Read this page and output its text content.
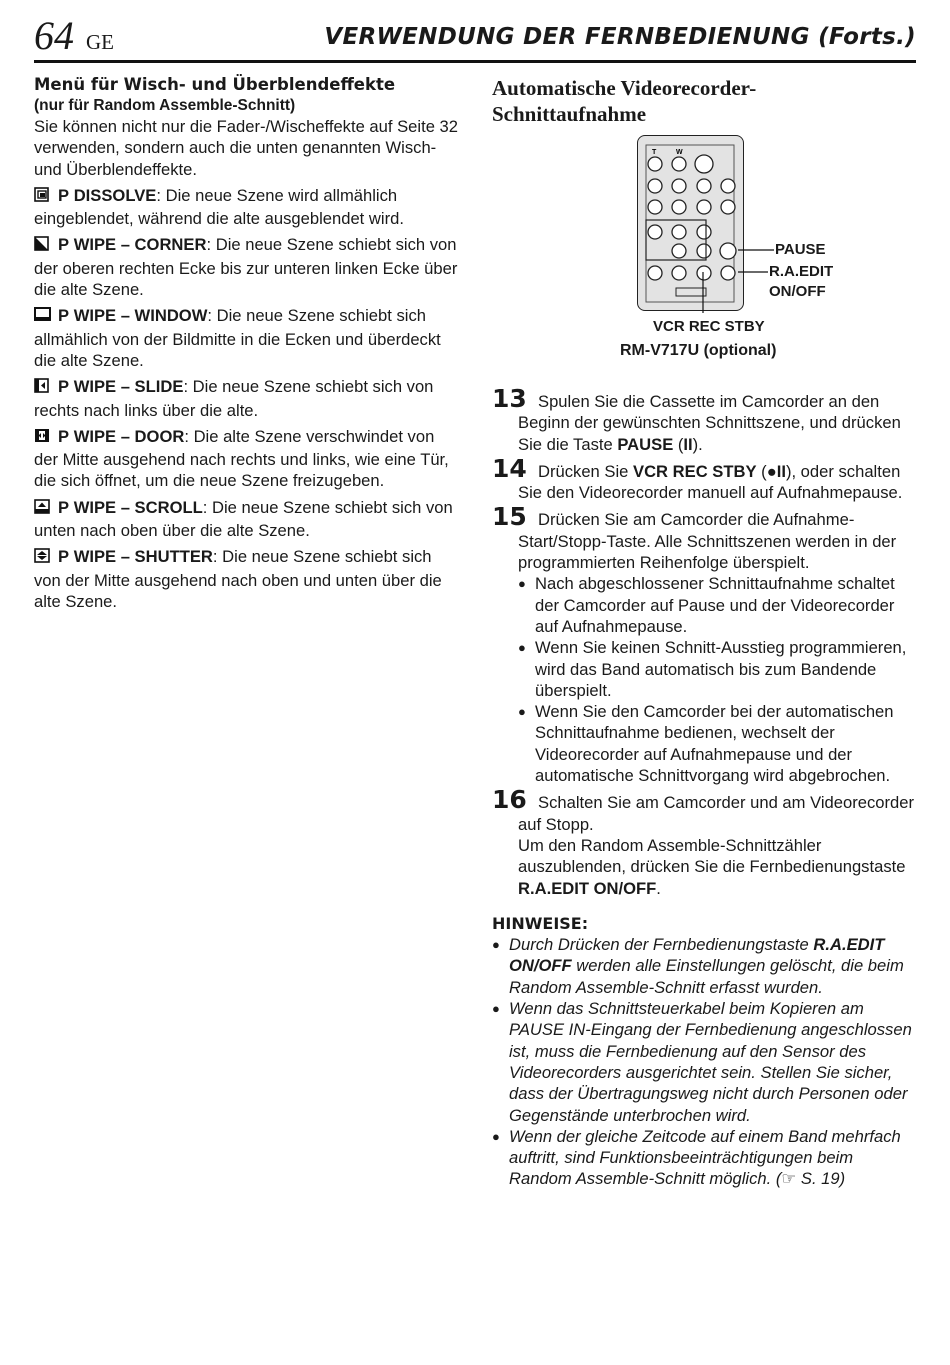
64 GE	VERWENDUNG DER FERNBEDIENUNG (Forts.)
Menü für Wisch- und Überblendeffekte
(nur für Random Assemble-Schnitt)

Sie können nicht nur die Fader-/Wischeffekte auf Seite 32 verwenden, sondern auch die unten genannten Wisch- und Überblendeffekte.

P DISSOLVE: Die neue Szene wird allmählich eingeblendet, während die alte ausgeblendet wird.
P WIPE – CORNER: Die neue Szene schiebt sich von der oberen rechten Ecke bis zur unteren linken Ecke über die alte Szene.
P WIPE – WINDOW: Die neue Szene schiebt sich allmählich von der Bildmitte in die Ecken und überdeckt die alte Szene.
P WIPE – SLIDE: Die neue Szene schiebt sich von rechts nach links über die alte.
P WIPE – DOOR: Die alte Szene verschwindet von der Mitte ausgehend nach rechts und links, wie eine Tür, die sich öffnet, um die neue Szene freizugeben.
P WIPE – SCROLL: Die neue Szene schiebt sich von unten nach oben über die alte Szene.
P WIPE – SHUTTER: Die neue Szene schiebt sich von der Mitte ausgehend nach oben und unten über die alte Szene.
Automatische Videorecorder-
Schnittaufnahme
T	W
PAUSE
R.A.EDIT
ON/OFF
VCR REC STBY
RM-V717U (optional)
13 Spulen Sie die Cassette im Camcorder an den Beginn der gewünschten Schnittszene, und drücken Sie die Taste PAUSE (II).
14 Drücken Sie VCR REC STBY (●II), oder schalten Sie den Videorecorder manuell auf Aufnahmepause.
15 Drücken Sie am Camcorder die Aufnahme-Start/Stopp-Taste. Alle Schnittszenen werden in der programmierten Reihenfolge überspielt.
● Nach abgeschlossener Schnittaufnahme schaltet der Camcorder auf Pause und der Videorecorder auf Aufnahmepause.
● Wenn Sie keinen Schnitt-Ausstieg programmieren, wird das Band automatisch bis zum Bandende überspielt.
● Wenn Sie den Camcorder bei der automatischen Schnittaufnahme bedienen, wechselt der Videorecorder auf Aufnahmepause und der automatische Schnittvorgang wird abgebrochen.
16 Schalten Sie am Camcorder und am Videorecorder auf Stopp.
Um den Random Assemble-Schnittzähler auszublenden, drücken Sie die Fernbedienungstaste R.A.EDIT ON/OFF.
HINWEISE:
● Durch Drücken der Fernbedienungstaste R.A.EDIT ON/OFF werden alle Einstellungen gelöscht, die beim Random Assemble-Schnitt erfasst wurden.
● Wenn das Schnittsteuerkabel beim Kopieren am PAUSE IN-Eingang der Fernbedienung angeschlossen ist, muss die Fernbedienung auf den Sensor des Videorecorders ausgerichtet sein. Stellen Sie sicher, dass der Übertragungsweg nicht durch Personen oder Gegenstände unterbrochen wird.
● Wenn der gleiche Zeitcode auf einem Band mehrfach auftritt, sind Funktionsbeeinträchtigungen beim Random Assemble-Schnitt möglich. (☞ S. 19)
